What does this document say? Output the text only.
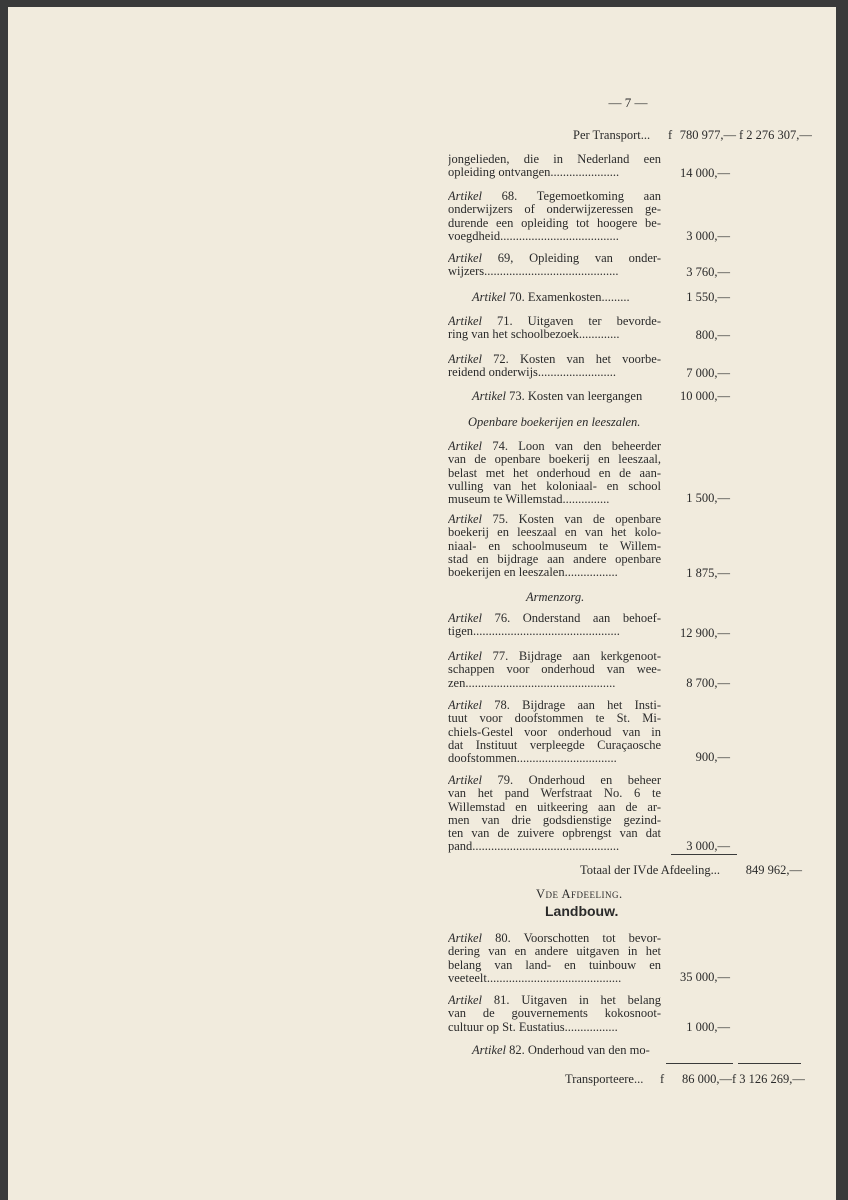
— 7 —
Per Transport... f 780 977,— f 2 276 307,—
jongelieden, die in Nederland een
opleiding ontvangen......................	14 000,—
Artikel 68. Tegemoetkoming aan
onderwijzers of onderwijzeressen ge-
durende een opleiding tot hoogere be-
voegdheid......................................	3 000,—
Artikel 69, Opleiding van onder-
wijzers...........................................	3 760,—
Artikel 70. Examenkosten.........	1 550,—
Artikel 71. Uitgaven ter bevorde-
ring van het schoolbezoek.............	800,—
Artikel 72. Kosten van het voorbe-
reidend onderwijs.........................	7 000,—
Artikel 73. Kosten van leergangen	10 000,—
Openbare boekerijen en leeszalen.
Artikel 74. Loon van den beheerder
van de openbare boekerij en leeszaal,
belast met het onderhoud en de aan-
vulling van het koloniaal- en school
museum te Willemstad...............	1 500,—
Artikel 75. Kosten van de openbare
boekerij en leeszaal en van het kolo-
niaal- en schoolmuseum te Willem-
stad en bijdrage aan andere openbare
boekerijen en leeszalen.................	1 875,—
Armenzorg.
Artikel 76. Onderstand aan behoef-
tigen...............................................	12 900,—
Artikel 77. Bijdrage aan kerkgenoot-
schappen voor onderhoud van wee-
zen................................................	8 700,—
Artikel 78. Bijdrage aan het Insti-
tuut voor doofstommen te St. Mi-
chiels-Gestel voor onderhoud van in
dat Instituut verpleegde Curaçaosche
doofstommen................................	900,—
Artikel 79. Onderhoud en beheer
van het pand Werfstraat No. 6 te
Willemstad en uitkeering aan de ar-
men van drie godsdienstige gezind-
ten van de zuivere opbrengst van dat
pand...............................................	3 000,—
Totaal der IVde Afdeeling...	849 962,—
Vde Afdeeling.
Landbouw.
Artikel 80. Voorschotten tot bevor-
dering van en andere uitgaven in het
belang van land- en tuinbouw en
veeteelt...........................................	35 000,—
Artikel 81. Uitgaven in het belang
van de gouvernements kokosnoot-
cultuur op St. Eustatius.................	1 000,—
Artikel 82. Onderhoud van den mo-
Transporteere... f	86 000,— f 3 126 269,—
